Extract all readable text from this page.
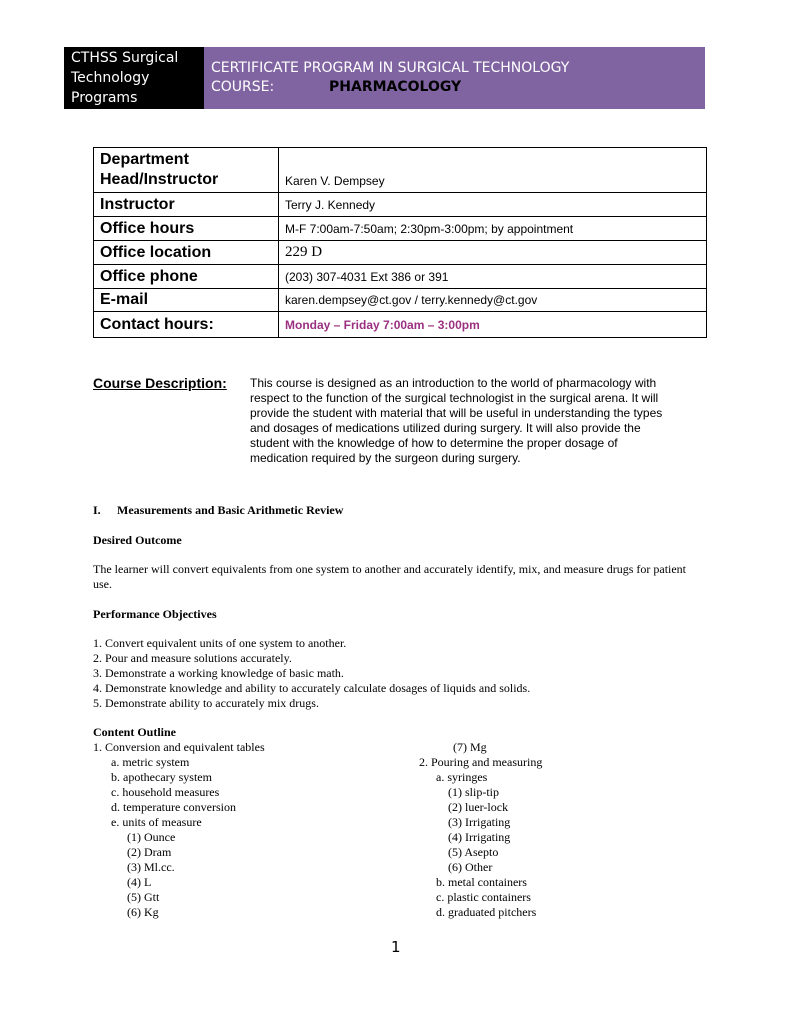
CTHSS Surgical
Technology
Programs
CERTIFICATE PROGRAM IN SURGICAL TECHNOLOGY
COURSE:	PHARMACOLOGY
Department Head/Instructor	Karen V. Dempsey
Instructor	Terry J. Kennedy
Office hours	M-F 7:00am-7:50am; 2:30pm-3:00pm; by appointment
Office location	229 D
Office phone	(203) 307-4031 Ext 386 or 391
E-mail	karen.dempsey@ct.gov / terry.kennedy@ct.gov
Contact hours:	Monday – Friday 7:00am – 3:00pm
Course Description: This course is designed as an introduction to the world of pharmacology with
respect to the function of the surgical technologist in the surgical arena. It will
provide the student with material that will be useful in understanding the types
and dosages of medications utilized during surgery. It will also provide the
student with the knowledge of how to determine the proper dosage of
medication required by the surgeon during surgery.
I. Measurements and Basic Arithmetic Review
Desired Outcome
The learner will convert equivalents from one system to another and accurately identify, mix, and measure drugs for patient use.
Performance Objectives
1. Convert equivalent units of one system to another.
2. Pour and measure solutions accurately.
3. Demonstrate a working knowledge of basic math.
4. Demonstrate knowledge and ability to accurately calculate dosages of liquids and solids.
5. Demonstrate ability to accurately mix drugs.
Content Outline
1. Conversion and equivalent tables
a. metric system
b. apothecary system
c. household measures
d. temperature conversion
e. units of measure
(1) Ounce
(2) Dram
(3) Ml.cc.
(4) L
(5) Gtt
(6) Kg
(7) Mg
2. Pouring and measuring
a. syringes
(1) slip-tip
(2) luer-lock
(3) Irrigating
(4) Irrigating
(5) Asepto
(6) Other
b. metal containers
c. plastic containers
d. graduated pitchers
1
